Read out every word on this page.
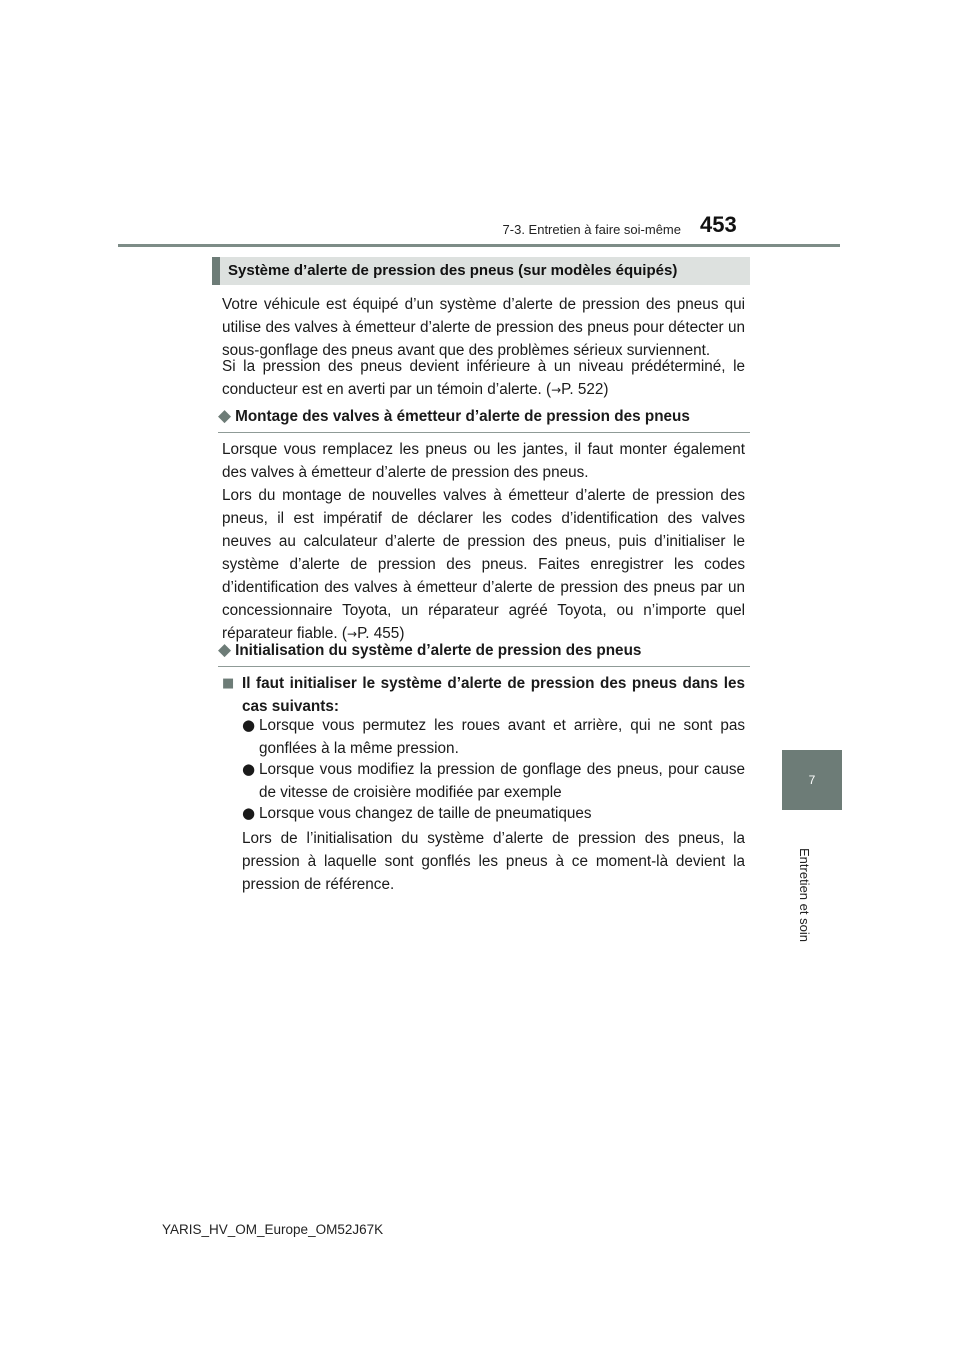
7-3. Entretien à faire soi-même 453
7
Entretien et soin
Système d’alerte de pression des pneus (sur modèles équipés)

Votre véhicule est équipé d’un système d’alerte de pression des pneus qui utilise des valves à émetteur d’alerte de pression des pneus pour détecter un sous-gonflage des pneus avant que des problèmes sérieux surviennent.

Si la pression des pneus devient inférieure à un niveau prédéterminé, le conducteur est en averti par un témoin d’alerte. (→P. 522)

◆ Montage des valves à émetteur d’alerte de pression des pneus

Lorsque vous remplacez les pneus ou les jantes, il faut monter également des valves à émetteur d’alerte de pression des pneus.

Lors du montage de nouvelles valves à émetteur d’alerte de pression des pneus, il est impératif de déclarer les codes d’identification des valves neuves au calculateur d’alerte de pression des pneus, puis d’initialiser le système d’alerte de pression des pneus. Faites enregistrer les codes d’identification des valves à émetteur d’alerte de pression des pneus par un concessionnaire Toyota, un réparateur agréé Toyota, ou n’importe quel réparateur fiable. (→P. 455)

◆ Initialisation du système d’alerte de pression des pneus
■ Il faut initialiser le système d’alerte de pression des pneus dans les cas suivants:
● Lorsque vous permutez les roues avant et arrière, qui ne sont pas gonflées à la même pression.
● Lorsque vous modifiez la pression de gonflage des pneus, pour cause de vitesse de croisière modifiée par exemple
● Lorsque vous changez de taille de pneumatiques

Lors de l’initialisation du système d’alerte de pression des pneus, la pression à laquelle sont gonflés les pneus à ce moment-là devient la pression de référence.

YARIS_HV_OM_Europe_OM52J67K
